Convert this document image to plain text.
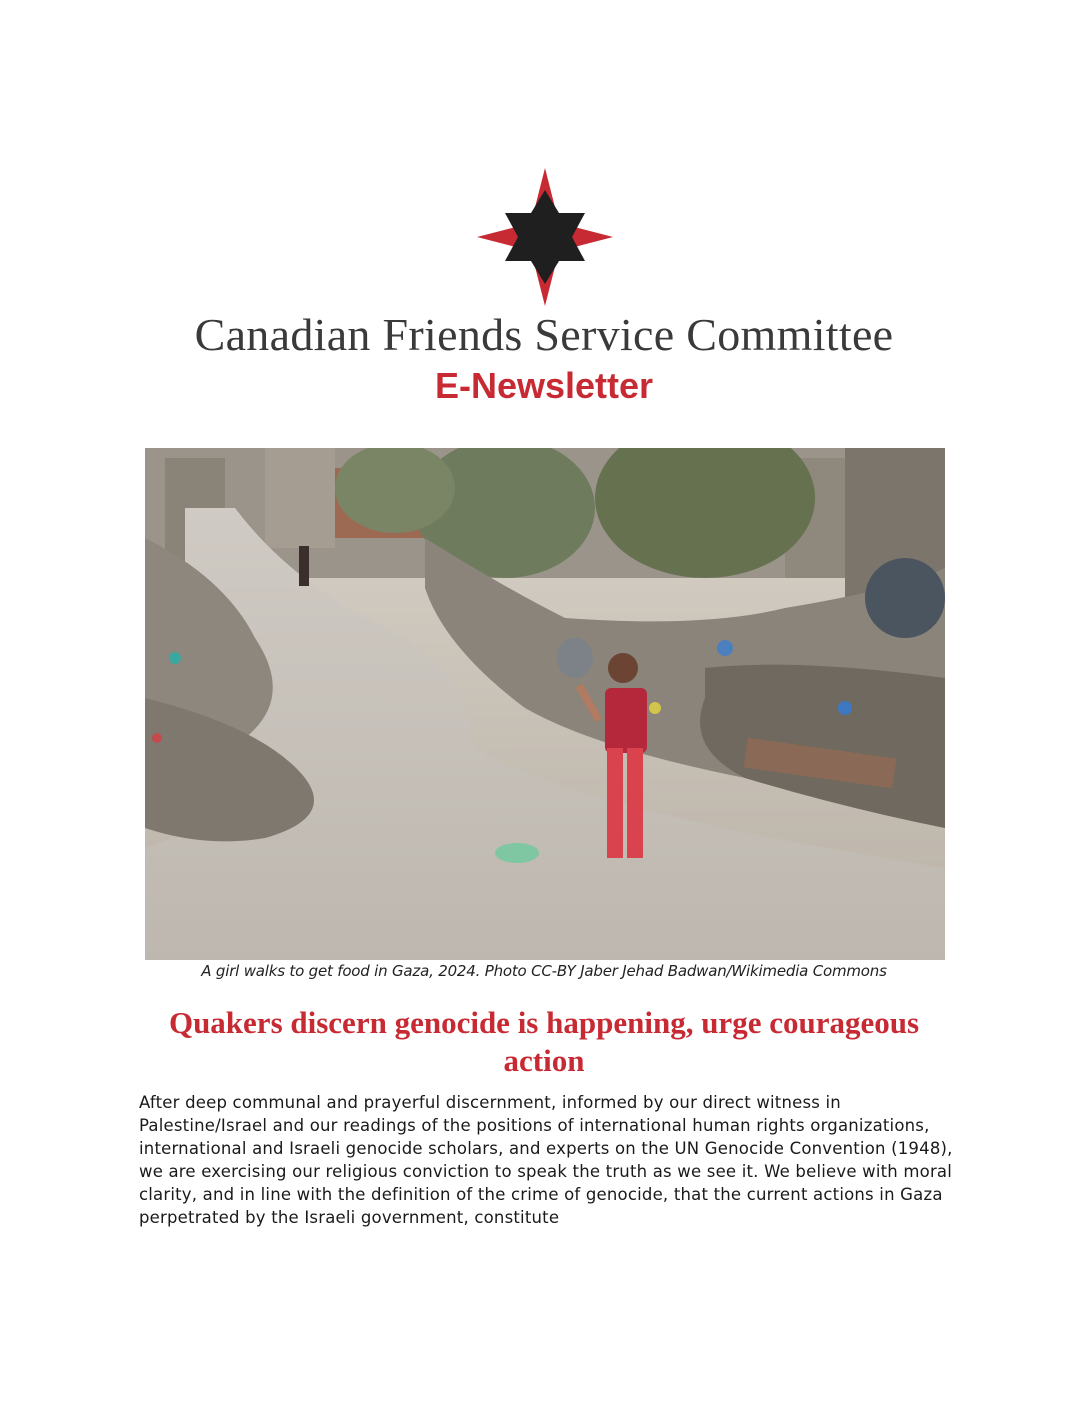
Canadian Friends Service Committee
E-Newsletter
A girl walks to get food in Gaza, 2024. Photo CC-BY Jaber Jehad Badwan/Wikimedia Commons
Quakers discern genocide is happening, urge courageous action

After deep communal and prayerful discernment, informed by our direct witness in Palestine/Israel and our readings of the positions of international human rights organizations, international and Israeli genocide scholars, and experts on the UN Genocide Convention (1948), we are exercising our religious conviction to speak the truth as we see it. We believe with moral clarity, and in line with the definition of the crime of genocide, that the current actions in Gaza perpetrated by the Israeli government, constitute
